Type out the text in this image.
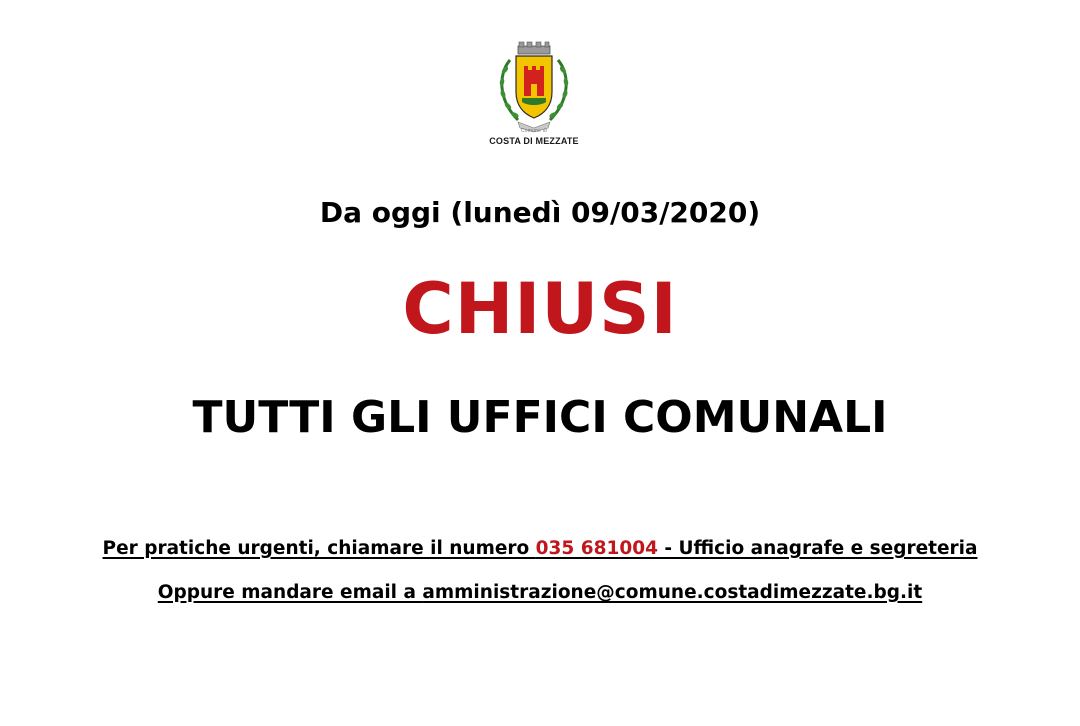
Comune di
COSTA DI MEZZATE
Da oggi (lunedì 09/03/2020)
CHIUSI
TUTTI GLI UFFICI COMUNALI
Per pratiche urgenti, chiamare il numero 035 681004 - Ufficio anagrafe e segreteria
Oppure mandare email a amministrazione@comune.costadimezzate.bg.it
